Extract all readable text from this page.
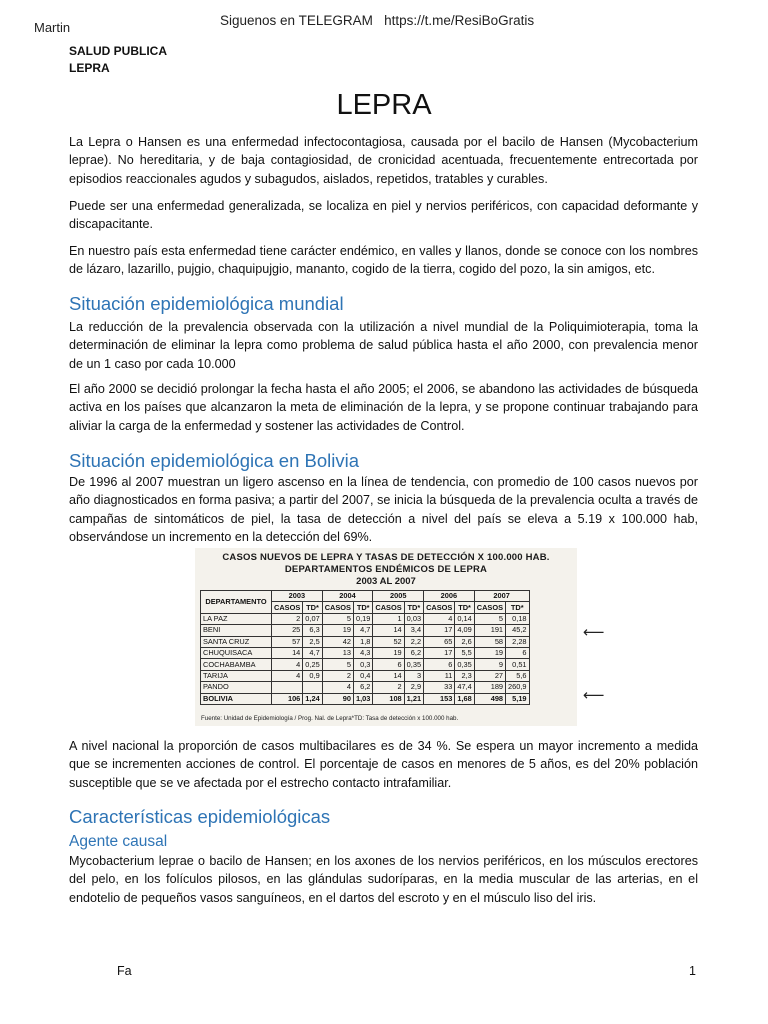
Martin	Siguenos en TELEGRAM https://t.me/ResiBoGratis
SALUD PUBLICA
LEPRA
LEPRA

La Lepra o Hansen es una enfermedad infectocontagiosa, causada por el bacilo de Hansen (Mycobacterium leprae). No hereditaria, y de baja contagiosidad, de cronicidad acentuada, frecuentemente entrecortada por episodios reaccionales agudos y subagudos, aislados, repetidos, tratables y curables.

Puede ser una enfermedad generalizada, se localiza en piel y nervios periféricos, con capacidad deformante y discapacitante.

En nuestro país esta enfermedad tiene carácter endémico, en valles y llanos, donde se conoce con los nombres de lázaro, lazarillo, pujgio, chaquipujgio, mananto, cogido de la tierra, cogido del pozo, la sin amigos, etc.

Situación epidemiológica mundial

La reducción de la prevalencia observada con la utilización a nivel mundial de la Poliquimioterapia, toma la determinación de eliminar la lepra como problema de salud pública hasta el año 2000, con prevalencia menor de un 1 caso por cada 10.000

El año 2000 se decidió prolongar la fecha hasta el año 2005; el 2006, se abandono las actividades de búsqueda activa en los países que alcanzaron la meta de eliminación de la lepra, y se propone continuar trabajando para aliviar la carga de la enfermedad y sostener las actividades de Control.

Situación epidemiológica en Bolivia

De 1996 al 2007 muestran un ligero ascenso en la línea de tendencia, con promedio de 100 casos nuevos por año diagnosticados en forma pasiva; a partir del 2007, se inicia la búsqueda de la prevalencia oculta a través de campañas de sintomáticos de piel, la tasa de detección a nivel del país se eleva a 5.19 x 100.000 hab, observándose un incremento en la detección del 69%.

CASOS NUEVOS DE LEPRA Y TASAS DE DETECCIÓN X 100.000 HAB.
DEPARTAMENTOS ENDÉMICOS DE LEPRA
2003 AL 2007
DEPARTAMENTO	2003		2004		2005		2006		2007	
	CASOS	TD*	CASOS	TD*	CASOS	TD*	CASOS	TD*	CASOS	TD*
LA PAZ	2	0,07	5	0,19	1	0,03	4	0,14	5	0,18
BENI	25	6,3	19	4,7	14	3,4	17	4,09	191	45,2
SANTA CRUZ	57	2,5	42	1,8	52	2,2	65	2,6	58	2,28
CHUQUISACA	14	4,7	13	4,3	19	6,2	17	5,5	19	6
COCHABAMBA	4	0,25	5	0,3	6	0,35	6	0,35	9	0,51
TARIJA	4	0,9	2	0,4	14	3	11	2,3	27	5,6
PANDO			4	6,2	2	2,9	33	47,4	189	260,9
BOLIVIA	106	1,24	90	1,03	108	1,21	153	1,68	498	5,19
Fuente: Unidad de Epidemiología / Prog. Nal. de Lepra*TD: Tasa de detección x 100.000 hab.
⟵
⟵

A nivel nacional la proporción de casos multibacilares es de 34 %. Se espera un mayor incremento a medida que se incrementen acciones de control. El porcentaje de casos en menores de 5 años, es del 20% población susceptible que se ve afectada por el estrecho contacto intrafamiliar.

Características epidemiológicas
Agente causal

Mycobacterium leprae o bacilo de Hansen; en los axones de los nervios periféricos, en los músculos erectores del pelo, en los folículos pilosos, en las glándulas sudoríparas, en la media muscular de las arterias, en el endotelio de pequeños vasos sanguíneos, en el dartos del escroto y en el músculo liso del iris.

Fa	1
